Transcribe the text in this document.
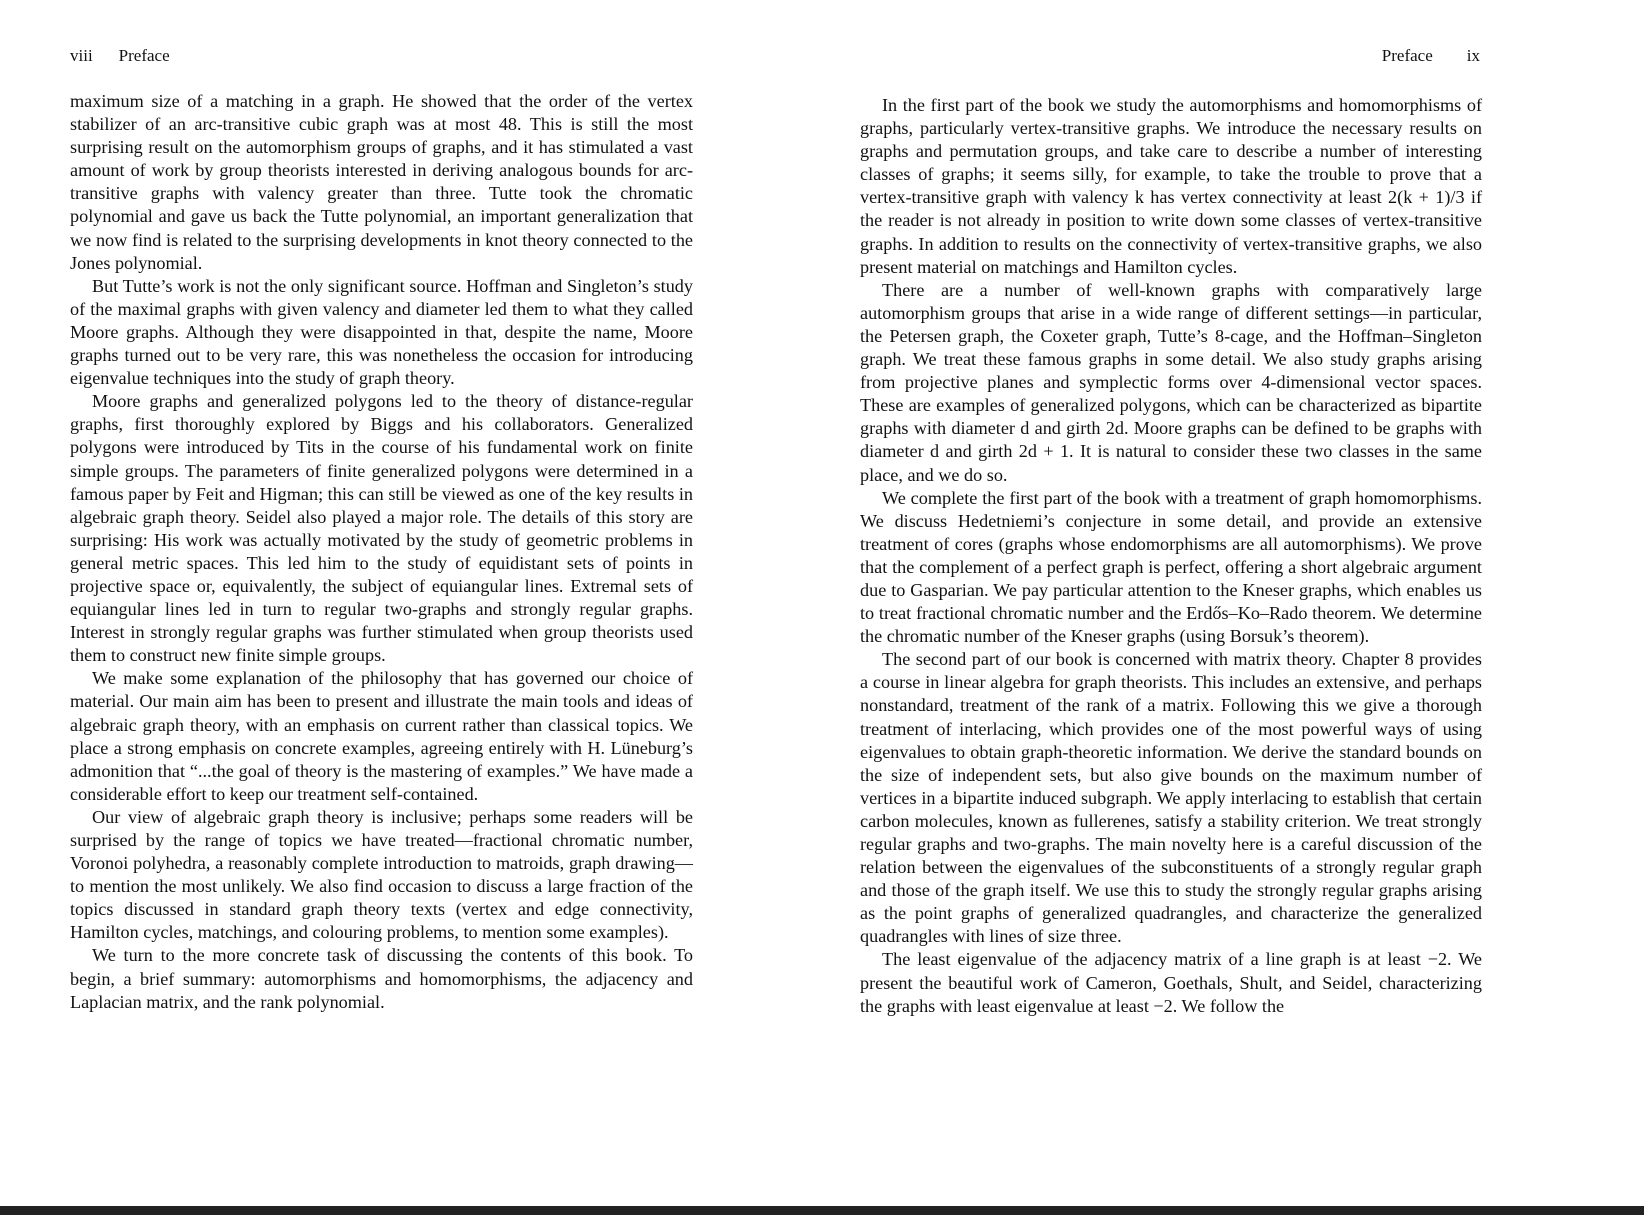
viii Preface

maximum size of a matching in a graph. He showed that the order of the vertex stabilizer of an arc-transitive cubic graph was at most 48. This is still the most surprising result on the automorphism groups of graphs, and it has stimulated a vast amount of work by group theorists interested in deriving analogous bounds for arc-transitive graphs with valency greater than three. Tutte took the chromatic polynomial and gave us back the Tutte polynomial, an important generalization that we now find is related to the surprising developments in knot theory connected to the Jones polynomial.

But Tutte’s work is not the only significant source. Hoffman and Singleton’s study of the maximal graphs with given valency and diameter led them to what they called Moore graphs. Although they were disappointed in that, despite the name, Moore graphs turned out to be very rare, this was nonetheless the occasion for introducing eigenvalue techniques into the study of graph theory.

Moore graphs and generalized polygons led to the theory of distance-regular graphs, first thoroughly explored by Biggs and his collaborators. Generalized polygons were introduced by Tits in the course of his fundamental work on finite simple groups. The parameters of finite generalized polygons were determined in a famous paper by Feit and Higman; this can still be viewed as one of the key results in algebraic graph theory. Seidel also played a major role. The details of this story are surprising: His work was actually motivated by the study of geometric problems in general metric spaces. This led him to the study of equidistant sets of points in projective space or, equivalently, the subject of equiangular lines. Extremal sets of equiangular lines led in turn to regular two-graphs and strongly regular graphs. Interest in strongly regular graphs was further stimulated when group theorists used them to construct new finite simple groups.

We make some explanation of the philosophy that has governed our choice of material. Our main aim has been to present and illustrate the main tools and ideas of algebraic graph theory, with an emphasis on current rather than classical topics. We place a strong emphasis on concrete examples, agreeing entirely with H. Lüneburg’s admonition that “...the goal of theory is the mastering of examples.” We have made a considerable effort to keep our treatment self-contained.

Our view of algebraic graph theory is inclusive; perhaps some readers will be surprised by the range of topics we have treated—fractional chromatic number, Voronoi polyhedra, a reasonably complete introduction to matroids, graph drawing—to mention the most unlikely. We also find occasion to discuss a large fraction of the topics discussed in standard graph theory texts (vertex and edge connectivity, Hamilton cycles, matchings, and colouring problems, to mention some examples).

We turn to the more concrete task of discussing the contents of this book. To begin, a brief summary: automorphisms and homomorphisms, the adjacency and Laplacian matrix, and the rank polynomial.

Preface ix

In the first part of the book we study the automorphisms and homomorphisms of graphs, particularly vertex-transitive graphs. We introduce the necessary results on graphs and permutation groups, and take care to describe a number of interesting classes of graphs; it seems silly, for example, to take the trouble to prove that a vertex-transitive graph with valency k has vertex connectivity at least 2(k + 1)/3 if the reader is not already in position to write down some classes of vertex-transitive graphs. In addition to results on the connectivity of vertex-transitive graphs, we also present material on matchings and Hamilton cycles.

There are a number of well-known graphs with comparatively large automorphism groups that arise in a wide range of different settings—in particular, the Petersen graph, the Coxeter graph, Tutte’s 8-cage, and the Hoffman–Singleton graph. We treat these famous graphs in some detail. We also study graphs arising from projective planes and symplectic forms over 4-dimensional vector spaces. These are examples of generalized polygons, which can be characterized as bipartite graphs with diameter d and girth 2d. Moore graphs can be defined to be graphs with diameter d and girth 2d + 1. It is natural to consider these two classes in the same place, and we do so.

We complete the first part of the book with a treatment of graph homomorphisms. We discuss Hedetniemi’s conjecture in some detail, and provide an extensive treatment of cores (graphs whose endomorphisms are all automorphisms). We prove that the complement of a perfect graph is perfect, offering a short algebraic argument due to Gasparian. We pay particular attention to the Kneser graphs, which enables us to treat fractional chromatic number and the Erdős–Ko–Rado theorem. We determine the chromatic number of the Kneser graphs (using Borsuk’s theorem).

The second part of our book is concerned with matrix theory. Chapter 8 provides a course in linear algebra for graph theorists. This includes an extensive, and perhaps nonstandard, treatment of the rank of a matrix. Following this we give a thorough treatment of interlacing, which provides one of the most powerful ways of using eigenvalues to obtain graph-theoretic information. We derive the standard bounds on the size of independent sets, but also give bounds on the maximum number of vertices in a bipartite induced subgraph. We apply interlacing to establish that certain carbon molecules, known as fullerenes, satisfy a stability criterion. We treat strongly regular graphs and two-graphs. The main novelty here is a careful discussion of the relation between the eigenvalues of the subconstituents of a strongly regular graph and those of the graph itself. We use this to study the strongly regular graphs arising as the point graphs of generalized quadrangles, and characterize the generalized quadrangles with lines of size three.

The least eigenvalue of the adjacency matrix of a line graph is at least −2. We present the beautiful work of Cameron, Goethals, Shult, and Seidel, characterizing the graphs with least eigenvalue at least −2. We follow the
